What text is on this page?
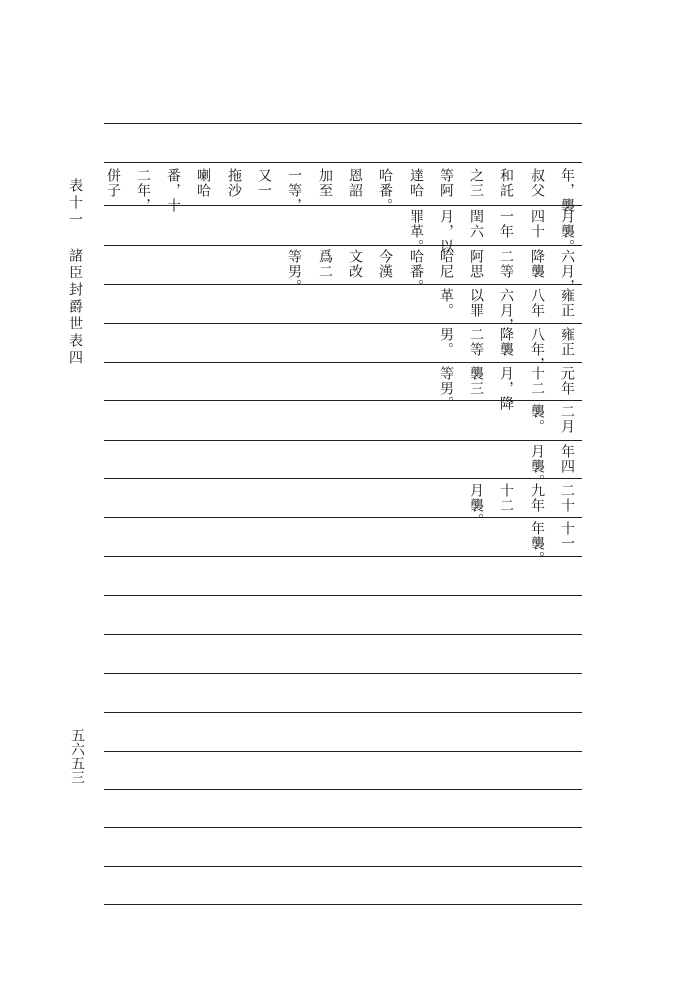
表十一 諸臣封爵世表四
五六五三
年，襲
叔父
和託
之三
等阿
達哈
哈番。
恩詔
加至
一等，
又一
拖沙
喇哈
番，十
二年，
併子
月襲。
四十
一年
閏六
月，以
罪革。
六月，
降襲
二等
阿思
哈尼
哈番。
今漢
文改
爲二
等男。
雍正
八年
六月，
以罪
革。
雍正
八年，
降襲
二等
男。
元年
十二
月，降
襲三
等男。
二月
襲。
年四
月襲。
二十
九年
十二
月襲。
十一
年襲。
